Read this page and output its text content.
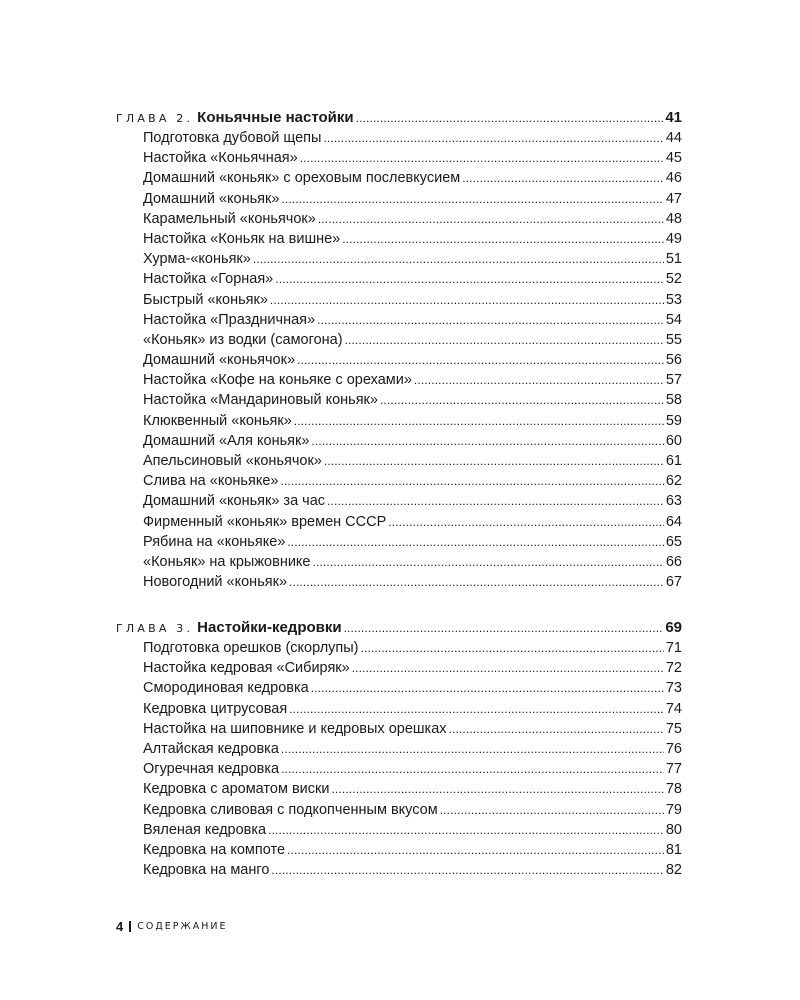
ГЛАВА 2. Коньячные настойки . . .	41
Подготовка дубовой щепы . . .	44
Настойка «Коньячная» . . .	45
Домашний «коньяк» с ореховым послевкусием . . .	46
Домашний «коньяк» . . .	47
Карамельный «коньячок» . . .	48
Настойка «Коньяк на вишне» . . .	49
Хурма-«коньяк» . . .	51
Настойка «Горная» . . .	52
Быстрый «коньяк» . . .	53
Настойка «Праздничная» . . .	54
«Коньяк» из водки (самогона) . . .	55
Домашний «коньячок» . . .	56
Настойка «Кофе на коньяке с орехами» . . .	57
Настойка «Мандариновый коньяк» . . .	58
Клюквенный «коньяк» . . .	59
Домашний «Аля коньяк» . . .	60
Апельсиновый «коньячок» . . .	61
Слива на «коньяке» . . .	62
Домашний «коньяк» за час . . .	63
Фирменный «коньяк» времен СССР . . .	64
Рябина на «коньяке» . . .	65
«Коньяк» на крыжовнике . . .	66
Новогодний «коньяк» . . .	67
ГЛАВА 3. Настойки-кедровки . . .	69
Подготовка орешков (скорлупы) . . .	71
Настойка кедровая «Сибиряк» . . .	72
Смородиновая кедровка . . .	73
Кедровка цитрусовая . . .	74
Настойка на шиповнике и кедровых орешках . . .	75
Алтайская кедровка . . .	76
Огуречная кедровка . . .	77
Кедровка с ароматом виски . . .	78
Кедровка сливовая с подкопченным вкусом . . .	79
Вяленая кедровка . . .	80
Кедровка на компоте . . .	81
Кедровка на манго . . .	82
4 СОДЕРЖАНИЕ
